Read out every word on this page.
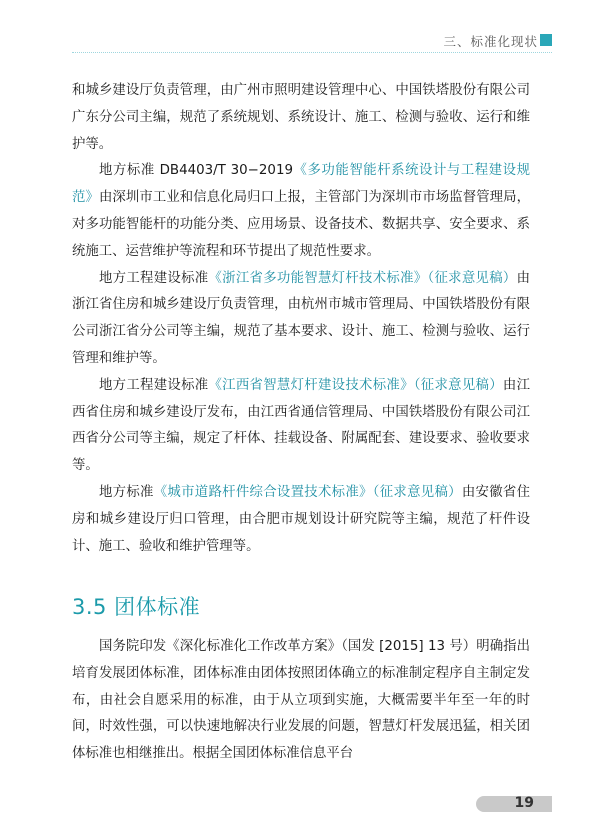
三、标准化现状

和城乡建设厅负责管理，由广州市照明建设管理中心、中国铁塔股份有限公司广东分公司主编，规范了系统规划、系统设计、施工、检测与验收、运行和维护等。

地方标准 DB4403/T 30−2019《多功能智能杆系统设计与工程建设规范》由深圳市工业和信息化局归口上报，主管部门为深圳市市场监督管理局，对多功能智能杆的功能分类、应用场景、设备技术、数据共享、安全要求、系统施工、运营维护等流程和环节提出了规范性要求。

地方工程建设标准《浙江省多功能智慧灯杆技术标准》（征求意见稿）由浙江省住房和城乡建设厅负责管理，由杭州市城市管理局、中国铁塔股份有限公司浙江省分公司等主编，规范了基本要求、设计、施工、检测与验收、运行管理和维护等。

地方工程建设标准《江西省智慧灯杆建设技术标准》（征求意见稿）由江西省住房和城乡建设厅发布，由江西省通信管理局、中国铁塔股份有限公司江西省分公司等主编，规定了杆体、挂载设备、附属配套、建设要求、验收要求等。

地方标准《城市道路杆件综合设置技术标准》（征求意见稿）由安徽省住房和城乡建设厅归口管理，由合肥市规划设计研究院等主编，规范了杆件设计、施工、验收和维护管理等。

3.5 团体标准

国务院印发《深化标准化工作改革方案》（国发 [2015] 13 号）明确指出培育发展团体标准，团体标准由团体按照团体确立的标准制定程序自主制定发布，由社会自愿采用的标准，由于从立项到实施，大概需要半年至一年的时间，时效性强，可以快速地解决行业发展的问题，智慧灯杆发展迅猛，相关团体标准也相继推出。根据全国团体标准信息平台

19
